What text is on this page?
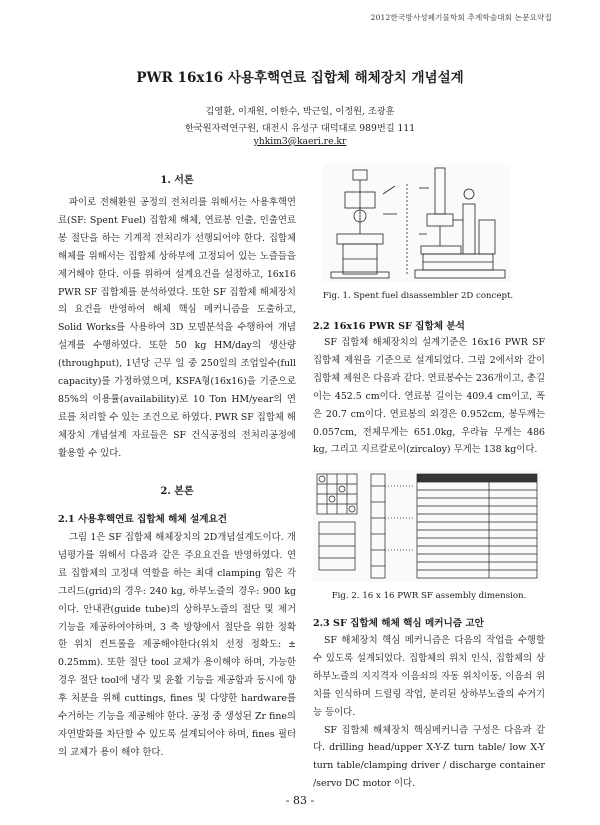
2012한국방사성폐기물학회 추계학술대회 논문요약집
PWR 16x16 사용후핵연료 집합체 해체장치 개념설계
김영환, 이재원, 이한수, 박근일, 이정원, 조광훈
한국원자력연구원, 대전시 유성구 대덕대로 989번길 111
yhkim3@kaeri.re.kr
1. 서론

파이로 전해환원 공정의 전처리를 위해서는 사용후핵연료(SF: Spent Fuel) 집합체 해체, 연료봉 인출, 인출연료봉 절단을 하는 기계적 전처리가 선행되어야 한다. 집합체 해체를 위해서는 집합체 상하부에 고정되어 있는 노즐들을 제거해야 한다. 이를 위하여 설계요건을 설정하고, 16x16 PWR SF 집합체를 분석하였다. 또한 SF 집합체 해체장치의 요건을 반영하여 해체 핵심 메커니즘을 도출하고, Solid Works를 사용하여 3D 모델분석을 수행하여 개념설계를 수행하였다. 또한 50 kg HM/day의 생산량(throughput), 1년당 근무 일 중 250일의 조업일수(full capacity)를 가정하였으며, KSFA형(16x16)을 기준으로 85%의 이용률(availability)로 10 Ton HM/year의 연료를 처리할 수 있는 조건으로 하였다. PWR SF 집합체 해체장치 개념설계 자료들은 SF 건식공정의 전처리공정에 활용할 수 있다.

2. 본론
2.1 사용후핵연료 집합체 해체 설계요건

그림 1은 SF 집합체 해체장치의 2D개념설계도이다. 개념평가를 위해서 다음과 같은 주요요건을 반영하였다. 연료 집합체의 고정대 역할을 하는 최대 clamping 힘은 각 그리드(grid)의 경우: 240 kg, 하부노즐의 경우: 900 kg이다. 안내관(guide tube)의 상하부노즐의 절단 및 제거 기능을 제공하여야하며, 3 축 방향에서 절단을 위한 정확한 위치 컨트롤을 제공해야한다(위치 선정 정확도: ± 0.25mm). 또한 절단 tool 교체가 용이해야 하며, 가능한 경우 절단 tool에 냉각 및 윤활 기능을 제공함과 동시에 향후 처분을 위해 cuttings, fines 및 다양한 hardware를 수거하는 기능을 제공해야 한다. 공정 중 생성된 Zr fine의 자연발화를 차단할 수 있도록 설계되어야 하며, fines 필터의 교체가 용이 해야 한다.

Fig. 1. Spent fuel disassembler 2D concept.
2.2 16x16 PWR SF 집합체 분석

SF 집합체 해체장치의 설계기준은 16x16 PWR SF 집합체 제원을 기준으로 설계되었다. 그림 2에서와 같이 집합체 제원은 다음과 같다. 연료봉수는 236개이고, 총길이는 452.5 cm이다. 연료봉 길이는 409.4 cm이고, 폭은 20.7 cm이다. 연료봉의 외경은 0.952cm, 봉두께는 0.057cm, 전체무게는 651.0kg, 우라늄 무게는 486 kg, 그리고 지르칼로이(zircaloy) 무게는 138 kg이다.

Fig. 2. 16 x 16 PWR SF assembly dimension.
2.3 SF 집합체 해체 핵심 메커니즘 고안

SF 해체장치 핵심 메커니즘은 다음의 작업을 수행할 수 있도록 설계되었다. 집합체의 위치 인식, 집합체의 상하부노즐의 지지격자 이음쇠의 자동 위치이동, 이음쇠 위치를 인식하며 드릴링 작업, 분리된 상하부노즐의 수거기능 등이다.

SF 집합체 해체장치 핵심메커니즘 구성은 다음과 같다. drilling head/upper X-Y-Z turn table/ low X-Y turn table/clamping driver / discharge container /servo DC motor 이다.

- 83 -
